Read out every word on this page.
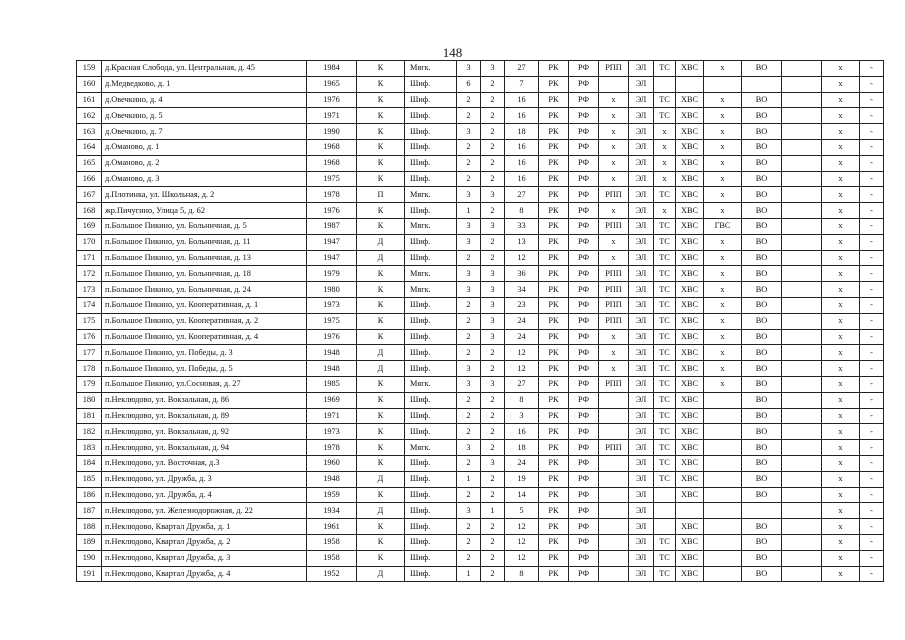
148
159	д.Красная Слобода, ул. Центральная, д. 45	1984	К	Мягк.	3	3	27	РК	РФ	РПП	ЭЛ	ТС	ХВС	х	ВО		х	-
160	д.Медведково, д. 1	1965	К	Шиф.	6	2	7	РК	РФ		ЭЛ						х	-
161	д.Овечкино, д. 4	1976	К	Шиф.	2	2	16	РК	РФ	х	ЭЛ	ТС	ХВС	х	ВО		х	-
162	д.Овечкино, д. 5	1971	К	Шиф.	2	2	16	РК	РФ	х	ЭЛ	ТС	ХВС	х	ВО		х	-
163	д.Овечкино, д. 7	1990	К	Шиф.	3	2	18	РК	РФ	х	ЭЛ	х	ХВС	х	ВО		х	-
164	д.Оманово, д. 1	1968	К	Шиф.	2	2	16	РК	РФ	х	ЭЛ	х	ХВС	х	ВО		х	-
165	д.Оманово, д. 2	1968	К	Шиф.	2	2	16	РК	РФ	х	ЭЛ	х	ХВС	х	ВО		х	-
166	д.Оманово, д. 3	1975	К	Шиф.	2	2	16	РК	РФ	х	ЭЛ	х	ХВС	х	ВО		х	-
167	д.Плотинка, ул. Школьная, д. 2	1978	П	Мягк.	3	3	27	РК	РФ	РПП	ЭЛ	ТС	ХВС	х	ВО		х	-
168	жр.Пичугино, Улица 5, д. 62	1976	К	Шиф.	1	2	8	РК	РФ	х	ЭЛ	х	ХВС	х	ВО		х	-
169	п.Большое Пикино, ул. Больничная, д. 5	1987	К	Мягк.	3	3	33	РК	РФ	РПП	ЭЛ	ТС	ХВС	ГВС	ВО		х	-
170	п.Большое Пикино, ул. Больничная, д. 11	1947	Д	Шиф.	3	2	13	РК	РФ	х	ЭЛ	ТС	ХВС	х	ВО		х	-
171	п.Большое Пикино, ул. Больничная, д. 13	1947	Д	Шиф.	2	2	12	РК	РФ	х	ЭЛ	ТС	ХВС	х	ВО		х	-
172	п.Большое Пикино, ул. Больничная, д. 18	1979	К	Мягк.	3	3	36	РК	РФ	РПП	ЭЛ	ТС	ХВС	х	ВО		х	-
173	п.Большое Пикино, ул. Больничная, д. 24	1980	К	Мягк.	3	3	34	РК	РФ	РПП	ЭЛ	ТС	ХВС	х	ВО		х	-
174	п.Большое Пикино, ул. Кооперативная, д. 1	1973	К	Шиф.	2	3	23	РК	РФ	РПП	ЭЛ	ТС	ХВС	х	ВО		х	-
175	п.Большое Пикино, ул. Кооперативная, д. 2	1975	К	Шиф.	2	3	24	РК	РФ	РПП	ЭЛ	ТС	ХВС	х	ВО		х	-
176	п.Большое Пикино, ул. Кооперативная, д. 4	1976	К	Шиф.	2	3	24	РК	РФ	х	ЭЛ	ТС	ХВС	х	ВО		х	-
177	п.Большое Пикино, ул. Победы, д. 3	1948	Д	Шиф.	2	2	12	РК	РФ	х	ЭЛ	ТС	ХВС	х	ВО		х	-
178	п.Большое Пикино, ул. Победы, д. 5	1948	Д	Шиф.	3	2	12	РК	РФ	х	ЭЛ	ТС	ХВС	х	ВО		х	-
179	п.Большое Пикино, ул.Сосновая, д. 27	1985	К	Мягк.	3	3	27	РК	РФ	РПП	ЭЛ	ТС	ХВС	х	ВО		х	-
180	п.Неклюдово, ул. Вокзальная, д. 86	1969	К	Шиф.	2	2	8	РК	РФ		ЭЛ	ТС	ХВС		ВО		х	-
181	п.Неклюдово, ул. Вокзальная, д. 89	1971	К	Шиф.	2	2	3	РК	РФ		ЭЛ	ТС	ХВС		ВО		х	-
182	п.Неклюдово, ул. Вокзальная, д. 92	1973	К	Шиф.	2	2	16	РК	РФ		ЭЛ	ТС	ХВС		ВО		х	-
183	п.Неклюдово, ул. Вокзальная, д. 94	1978	К	Мягк.	3	2	18	РК	РФ	РПП	ЭЛ	ТС	ХВС		ВО		х	-
184	п.Неклюдово, ул. Восточная, д.3	1960	К	Шиф.	2	3	24	РК	РФ		ЭЛ	ТС	ХВС		ВО		х	-
185	п.Неклюдово, ул. Дружба, д. 3	1948	Д	Шиф.	1	2	19	РК	РФ		ЭЛ	ТС	ХВС		ВО		х	-
186	п.Неклюдово, ул. Дружба, д. 4	1959	К	Шиф.	2	2	14	РК	РФ		ЭЛ		ХВС		ВО		х	-
187	п.Неклюдово, ул. Железнодорожная, д. 22	1934	Д	Шиф.	3	1	5	РК	РФ		ЭЛ						х	-
188	п.Неклюдово, Квартал Дружба, д. 1	1961	К	Шиф.	2	2	12	РК	РФ		ЭЛ		ХВС		ВО		х	-
189	п.Неклюдово, Квартал Дружба, д. 2	1958	К	Шиф.	2	2	12	РК	РФ		ЭЛ	ТС	ХВС		ВО		х	-
190	п.Неклюдово, Квартал Дружба, д. 3	1958	К	Шиф.	2	2	12	РК	РФ		ЭЛ	ТС	ХВС		ВО		х	-
191	п.Неклюдово, Квартал Дружба, д. 4	1952	Д	Шиф.	1	2	8	РК	РФ		ЭЛ	ТС	ХВС		ВО		х	-
